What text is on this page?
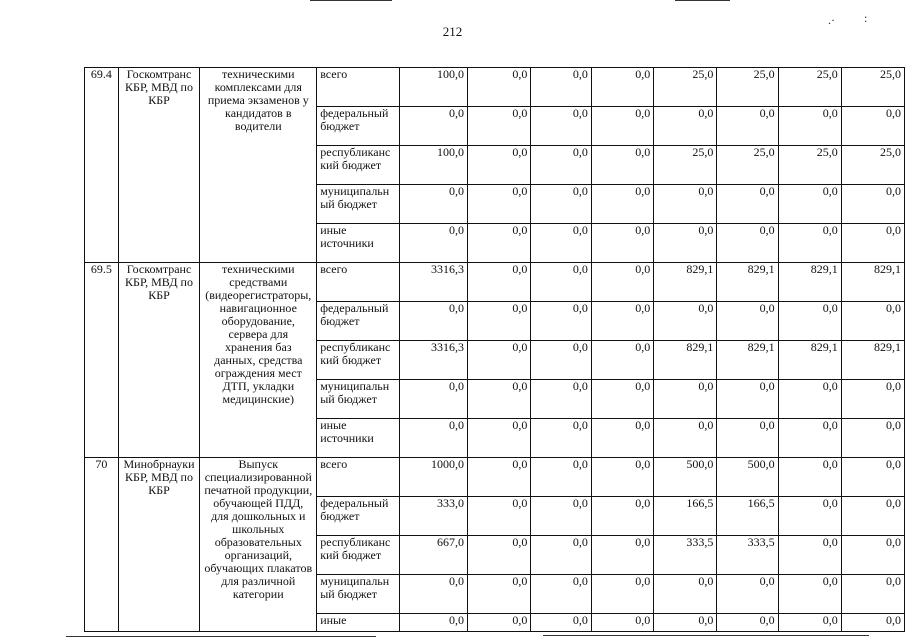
.· :
212
69.4	Госкомтранс КБР, МВД по КБР	техническими комплексами для приема экзаменов у кандидатов в водители	всего	100,0	0,0	0,0	0,0	25,0	25,0	25,0	25,0
			федеральный бюджет	0,0	0,0	0,0	0,0	0,0	0,0	0,0	0,0
			республиканс кий бюджет	100,0	0,0	0,0	0,0	25,0	25,0	25,0	25,0
			муниципальн ый бюджет	0,0	0,0	0,0	0,0	0,0	0,0	0,0	0,0
			иные источники	0,0	0,0	0,0	0,0	0,0	0,0	0,0	0,0
69.5	Госкомтранс КБР, МВД по КБР	техническими средствами (видеорегистраторы, навигационное оборудование, сервера для хранения баз данных, средства ограждения мест ДТП, укладки медицинские)	всего	3316,3	0,0	0,0	0,0	829,1	829,1	829,1	829,1
			федеральный бюджет	0,0	0,0	0,0	0,0	0,0	0,0	0,0	0,0
			республиканс кий бюджет	3316,3	0,0	0,0	0,0	829,1	829,1	829,1	829,1
			муниципальн ый бюджет	0,0	0,0	0,0	0,0	0,0	0,0	0,0	0,0
			иные источники	0,0	0,0	0,0	0,0	0,0	0,0	0,0	0,0
70	Минобрнауки КБР, МВД по КБР	Выпуск специализированной печатной продукции, обучающей ПДД, для дошкольных и школьных образовательных организаций, обучающих плакатов для различной категории	всего	1000,0	0,0	0,0	0,0	500,0	500,0	0,0	0,0
			федеральный бюджет	333,0	0,0	0,0	0,0	166,5	166,5	0,0	0,0
			республиканс кий бюджет	667,0	0,0	0,0	0,0	333,5	333,5	0,0	0,0
			муниципальн ый бюджет	0,0	0,0	0,0	0,0	0,0	0,0	0,0	0,0
			иные	0,0	0,0	0,0	0,0	0,0	0,0	0,0	0,0
